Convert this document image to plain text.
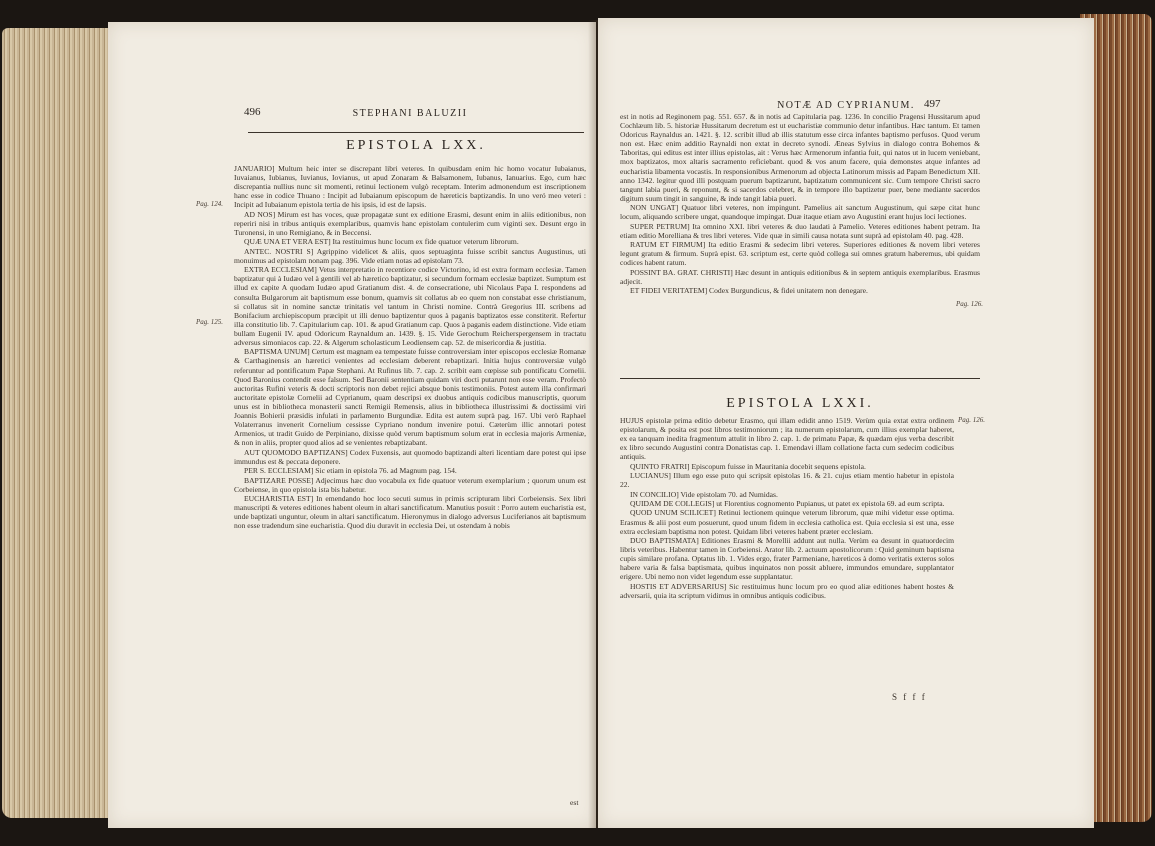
STEPHANI BALUZII
496
EPISTOLA LXX.
Pag. 124.
Pag. 125.

JANUARIO] Multum heic inter se discrepant libri veteres. In quibusdam enim hic homo vocatur Iubaianus, Iuvaianus, Iubianus, Iuvianus, Iovianus, ut apud Zonaram & Balsamonem, Iubanus, Ianuarius. Ego, cum hæc discrepantia nullius nunc sit momenti, retinui lectionem vulgò receptam. Interim admonendum est inscriptionem hanc esse in codice Thuano : Incipit ad Iubaianum episcopum de hæreticis baptizandis. In uno veró meo veteri : Incipit ad Iubaianum epistola tertia de his ipsis, id est de lapsis.

AD NOS] Mirum est has voces, quæ propagatæ sunt ex editione Erasmi, desunt enim in aliis editionibus, non reperiri nisi in tribus antiquis exemplaribus, quamvis hanc epistolam contulerim cum viginti sex. Desunt ergo in Turonensi, in uno Remigiano, & in Beccensi.

QUÆ UNA ET VERA EST] Ita restituimus hunc locum ex fide quatuor veterum librorum.

ANTEC. NOSTRI S] Agrippino videlicet & aliis, quos septuaginta fuisse scribit sanctus Augustinus, uti monuimus ad epistolam nonam pag. 396. Vide etiam notas ad epistolam 73.

EXTRA ECCLESIAM] Vetus interpretatio in recentiore codice Victorino, id est extra formam ecclesiæ. Tamen baptizatur qui à Iudæo vel à gentili vel ab hæretico baptizatur, si secundum formam ecclesiæ baptizet. Sumptum est illud ex capite A quodam Iudæo apud Gratianum dist. 4. de consecratione, ubi Nicolaus Papa I. respondens ad consulta Bulgarorum ait baptismum esse bonum, quamvis sit collatus ab eo quem non constabat esse christianum, si collatus sit in nomine sanctæ trinitatis vel tantum in Christi nomine. Contrà Gregorius III. scribens ad Bonifacium archiepiscopum præcipit ut illi denuo baptizentur quos à paganis baptizatos esse constiterit. Refertur illa constitutio lib. 7. Capitularium cap. 101. & apud Gratianum cap. Quos à paganis eadem distinctione. Vide etiam bullam Eugenii IV. apud Odoricum Raynaldum an. 1439. §. 15. Vide Gerochum Reicherspergensem in tractatu adversus simoniacos cap. 22. & Algerum scholasticum Leodiensem cap. 52. de misericordia & justitia.

BAPTISMA UNUM] Certum est magnam ea tempestate fuisse controversiam inter episcopos ecclesiæ Romanæ & Carthaginensis an hæretici venientes ad ecclesiam deberent rebaptizari. Initia hujus controversiæ vulgò referuntur ad pontificatum Papæ Stephani. At Rufinus lib. 7. cap. 2. scribit eam cœpisse sub pontificatu Cornelii. Quod Baronius contendit esse falsum. Sed Baronii sententiam quidam viri docti putarunt non esse veram. Profectò auctoritas Rufini veteris & docti scriptoris non debet rejici absque bonis testimoniis. Potest autem illa confirmari auctoritate epistolæ Cornelii ad Cyprianum, quam descripsi ex duobus antiquis codicibus manuscriptis, quorum unus est in bibliotheca monasterii sancti Remigii Remensis, alius in bibliotheca illustrissimi & doctissimi viri Joannis Bohierii præsidis infulati in parlamento Burgundiæ. Edita est autem suprà pag. 167. Ubi verò Raphael Volaterranus invenerit Cornelium cessisse Cypriano nondum invenire potui. Cæterùm illic annotari potest Armenios, ut tradit Guido de Perpiniano, dixisse quòd verum baptismum solum erat in ecclesia majoris Armeniæ, & non in aliis, propter quod alios ad se venientes rebaptizabant.

AUT QUOMODO BAPTIZANS] Codex Fuxensis, aut quomodo baptizandi alteri licentiam dare potest qui ipse immundus est & peccata deponere.

PER S. ECCLESIAM] Sic etiam in epistola 76. ad Magnum pag. 154.

BAPTIZARE POSSE] Adjecimus hæc duo vocabula ex fide quatuor veterum exemplarium ; quorum unum est Corbeiense, in quo epistola ista bis habetur.

EUCHARISTIA EST] In emendando hoc loco secuti sumus in primis scripturam libri Corbeiensis. Sex libri manuscripti & veteres editiones habent oleum in altari sanctificatum. Manutius posuit : Porro autem eucharistia est, unde baptizati unguntur, oleum in altari sanctificatum. Hieronymus in dialogo adversus Luciferianos ait baptismum non esse tradendum sine eucharistia. Quod diu duravit in ecclesia Dei, ut ostendam à nobis

est
NOTÆ AD CYPRIANUM. 497

est in notis ad Reginonem pag. 551. 657. & in notis ad Capitularia pag. 1236. In concilio Pragensi Hussitarum apud Cochlæum lib. 5. historiæ Hussitarum decretum est ut eucharistiæ communio detur infantibus. Hæc tantum. Et tamen Odoricus Raynaldus an. 1421. §. 12. scribit illud ab illis statutum esse circa infantes baptismo perfusos. Quod verum non est. Hæc enim additio Raynaldi non extat in decreto synodi. Æneas Sylvius in dialogo contra Bohemos & Taboritas, qui editus est inter illius epistolas, ait : Verus hæc Armenorum infantia fuit, qui natos ut in lucem veniebant, mox baptizatos, mox altaris sacramento reficiebant. quod & vos anum facere, quia demonstes atque infantes ad eucharistia libamenta vocastis. In responsionibus Armenorum ad objecta Latinorum missis ad Papam Benedictum XII. anno 1342. legitur quod illi postquam puerum baptizarunt, baptizatum communicent sic. Cum tempore Christi sacro tangunt labia pueri, & reponunt, & si sacerdos celebret, & in tempore illo baptizetur puer, bene mediante sacerdos digitum suum tingit in sanguine, & inde tangit labia pueri.

NON UNGAT] Quatuor libri veteres, non impingunt. Pamelius ait sanctum Augustinum, qui sæpe citat hunc locum, aliquando scribere ungat, quandoque impingat. Duæ itaque etiam ævo Augustini erant hujus loci lectiones.

SUPER PETRUM] Ita omnino XXI. libri veteres & duo laudati à Pamelio. Veteres editiones habent petram. Ita etiam editio Morelliana & tres libri veteres. Vide quæ in simili causa notata sunt suprà ad epistolam 40. pag. 428.

RATUM ET FIRMUM] Ita editio Erasmi & sedecim libri veteres. Superiores editiones & novem libri veteres legunt gratum & firmum. Suprà epist. 63. scriptum est, certe quòd collega sui omnes gratum haberemus, ubi quidam codices habent ratum.

POSSINT BA. GRAT. CHRISTI] Hæc desunt in antiquis editionibus & in septem antiquis exemplaribus. Erasmus adjecit.

ET FIDEI VERITATEM] Codex Burgundicus, & fidei unitatem non denegare.

EPISTOLA LXXI.
Pag. 126.
Pag. 126.

HUJUS epistolæ prima editio debetur Erasmo, qui illam edidit anno 1519. Verùm quia extat extra ordinem epistolarum, & posita est post libros testimoniorum ; ita numerum epistolarum, cum illius exemplar haberet, ex ea tanquam inedita fragmentum attulit in libro 2. cap. 1. de primatu Papæ, & quædam ejus verba describit ex libro secundo Augustini contra Donatistas cap. 1. Emendavi illam collatione facta cum sedecim codicibus antiquis.

QUINTO FRATRI] Episcopum fuisse in Mauritania docebit sequens epistola.

LUCIANUS] Illum ego esse puto qui scripsit epistolas 16. & 21. cujus etiam mentio habetur in epistola 22.

IN CONCILIO] Vide epistolam 70. ad Numidas.

QUIDAM DE COLLEGIS] ut Florentius cognomento Pupianus, ut patet ex epistola 69. ad eum scripta.

QUOD UNUM SCILICET] Retinui lectionem quinque veterum librorum, quæ mihi videtur esse optima. Erasmus & alii post eum posuerunt, quod unum fidem in ecclesia catholica est. Quia ecclesia si est una, esse extra ecclesiam baptisma non potest. Quidam libri veteres habent præter ecclesiam.

DUO BAPTISMATA] Editiones Erasmi & Morellii addunt aut nulla. Verùm ea desunt in quatuordecim libris veteribus. Habentur tamen in Corbeiensi. Arator lib. 2. actuum apostolicorum : Quid geminum baptisma cupis similare profana. Optatus lib. 1. Vides ergo, frater Parmeniane, hæreticos à domo veritatis exteros solos habere varia & falsa baptismata, quibus inquinatos non possit abluere, immundos emundare, supplantator erigere. Ubi nemo non videt legendum esse supplantatur.

HOSTIS ET ADVERSARIUS] Sic restituimus hunc locum pro eo quod aliæ editiones habent hostes & adversarii, quia ita scriptum vidimus in omnibus antiquis codicibus.

S f f f
